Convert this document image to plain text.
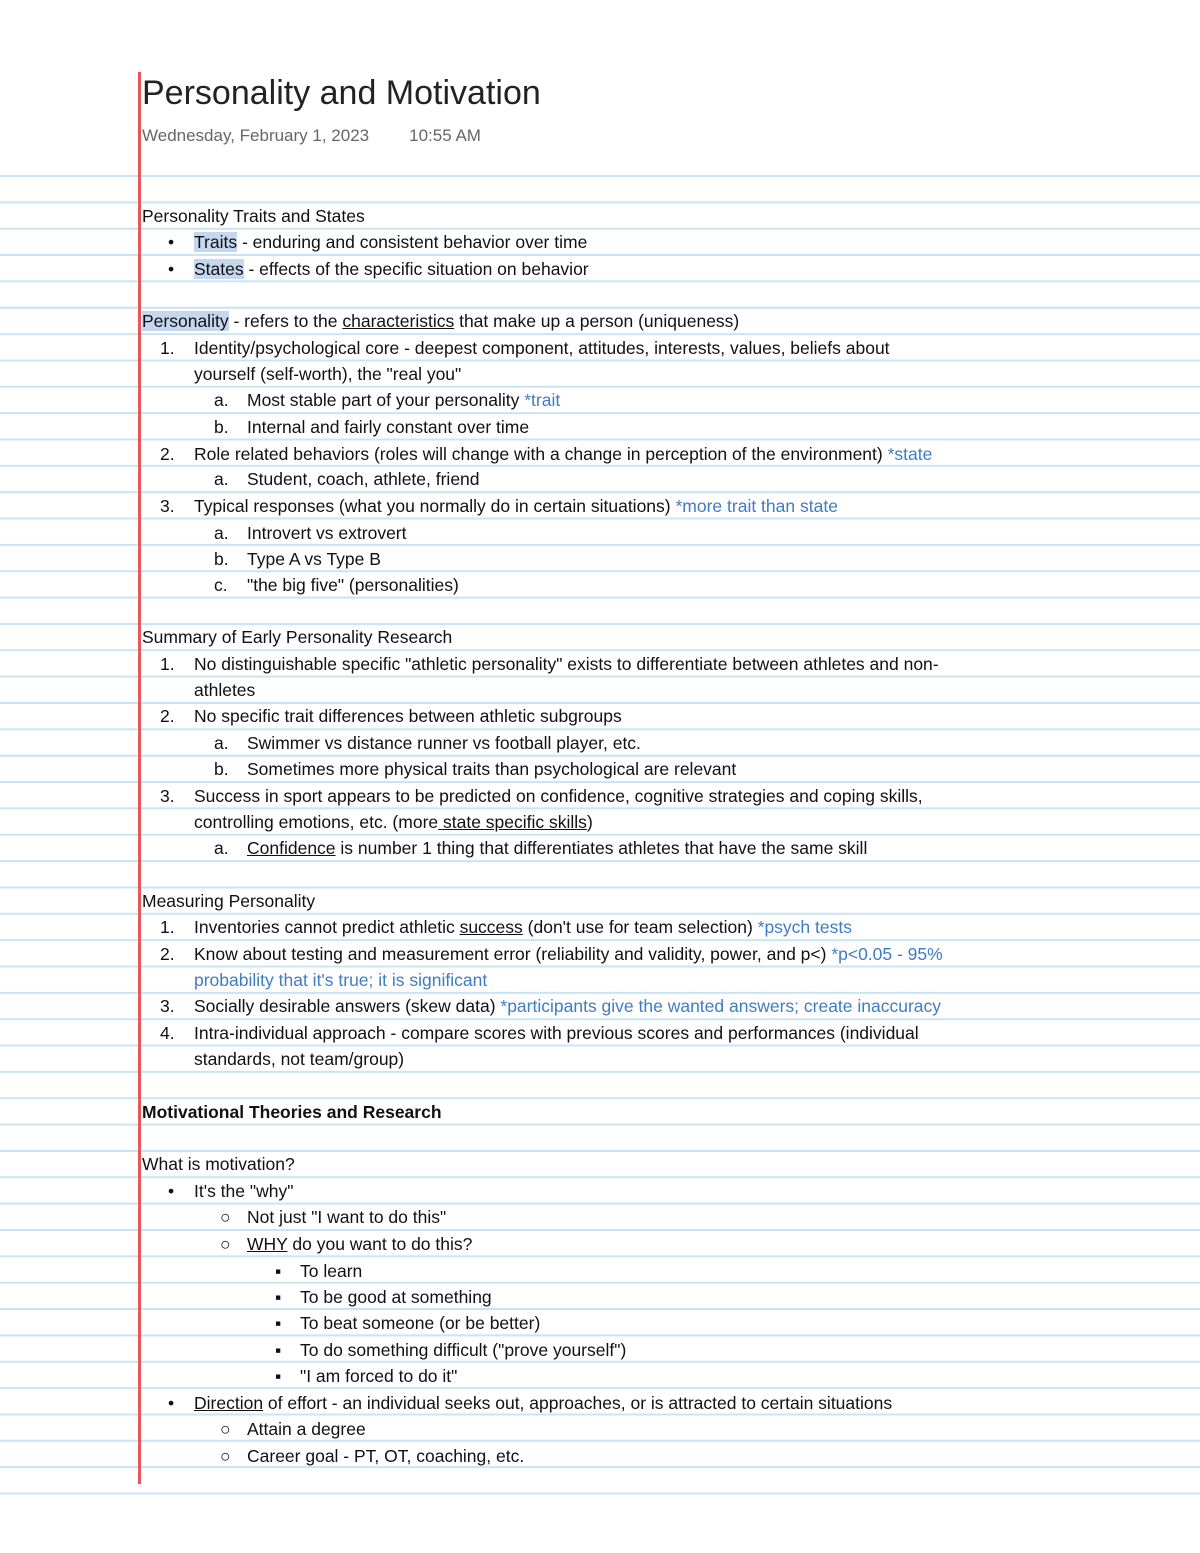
Personality and Motivation
Wednesday, February 1, 2023 10:55 AM
Personality Traits and States
• Traits - enduring and consistent behavior over time
• States - effects of the specific situation on behavior
Personality - refers to the characteristics that make up a person (uniqueness)
1. Identity/psychological core - deepest component, attitudes, interests, values, beliefs about
yourself (self-worth), the "real you"
a. Most stable part of your personality *trait
b. Internal and fairly constant over time
2. Role related behaviors (roles will change with a change in perception of the environment) *state
a. Student, coach, athlete, friend
3. Typical responses (what you normally do in certain situations) *more trait than state
a. Introvert vs extrovert
b. Type A vs Type B
c. "the big five" (personalities)
Summary of Early Personality Research
1. No distinguishable specific "athletic personality" exists to differentiate between athletes and non-
athletes
2. No specific trait differences between athletic subgroups
a. Swimmer vs distance runner vs football player, etc.
b. Sometimes more physical traits than psychological are relevant
3. Success in sport appears to be predicted on confidence, cognitive strategies and coping skills,
controlling emotions, etc. (more state specific skills)
a. Confidence is number 1 thing that differentiates athletes that have the same skill
Measuring Personality
1. Inventories cannot predict athletic success (don't use for team selection) *psych tests
2. Know about testing and measurement error (reliability and validity, power, and p<) *p<0.05 - 95%
probability that it's true; it is significant
3. Socially desirable answers (skew data) *participants give the wanted answers; create inaccuracy
4. Intra-individual approach - compare scores with previous scores and performances (individual
standards, not team/group)
Motivational Theories and Research
What is motivation?
• It's the "why"
○ Not just "I want to do this"
○ WHY do you want to do this?
▪ To learn
▪ To be good at something
▪ To beat someone (or be better)
▪ To do something difficult ("prove yourself")
▪ "I am forced to do it"
• Direction of effort - an individual seeks out, approaches, or is attracted to certain situations
○ Attain a degree
○ Career goal - PT, OT, coaching, etc.
